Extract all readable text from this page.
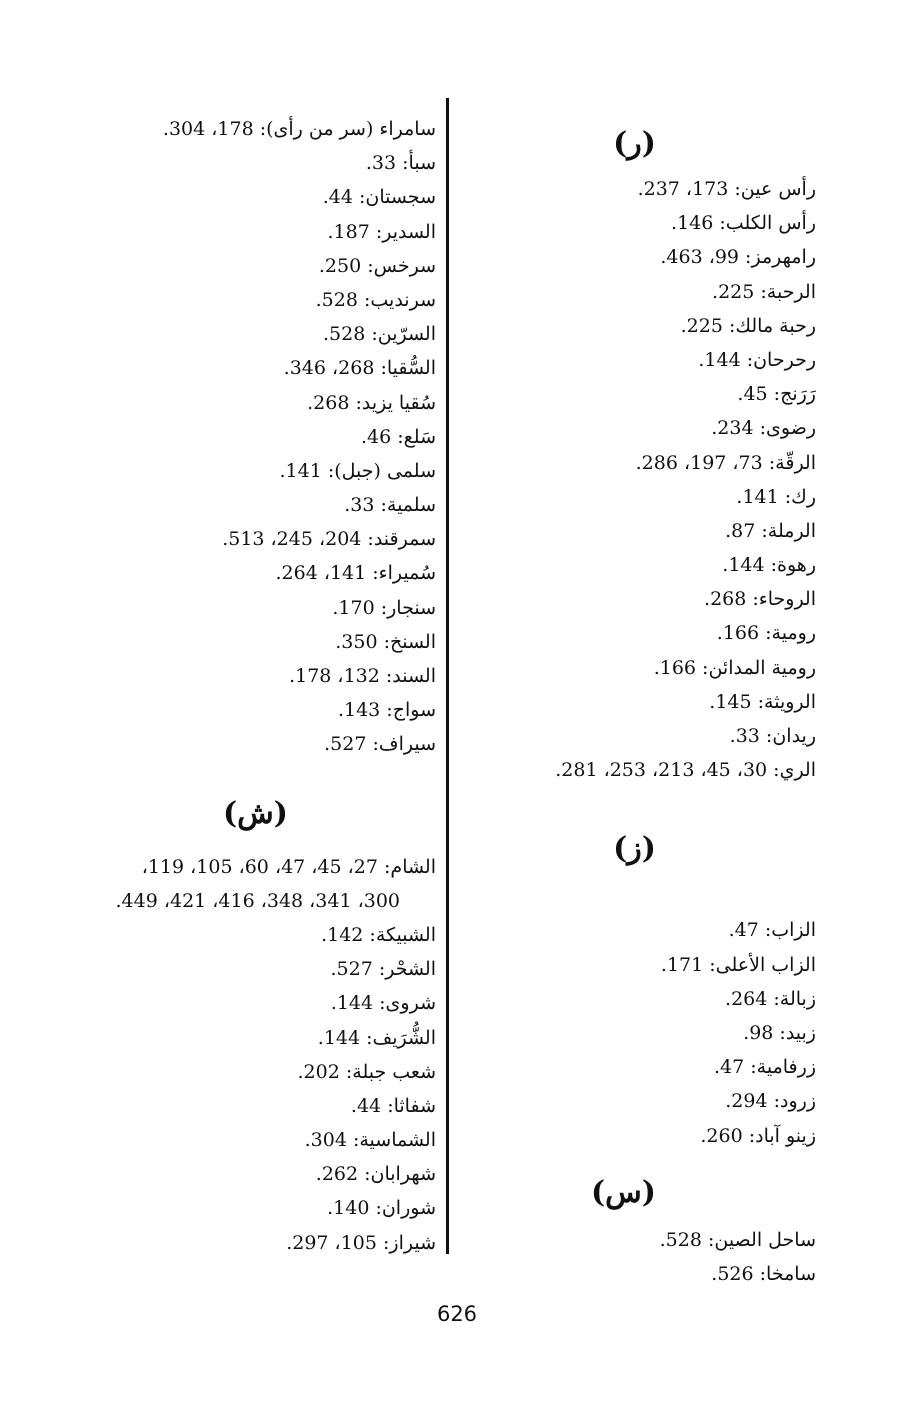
(ر)
رأس عين: 173، 237.
رأس الكلب: 146.
رامهرمز: 99، 463.
الرحبة: 225.
رحبة مالك: 225.
رحرحان: 144.
رَرَنج: 45.
رضوى: 234.
الرقّة: 73، 197، 286.
رك: 141.
الرملة: 87.
رهوة: 144.
الروحاء: 268.
رومية: 166.
رومية المدائن: 166.
الرويثة: 145.
ريدان: 33.
الري: 30، 45، 213، 253، 281.
(ز)
الزاب: 47.
الزاب الأعلى: 171.
زبالة: 264.
زبيد: 98.
زرفامية: 47.
زرود: 294.
زينو آباد: 260.
(س)
ساحل الصين: 528.
سامخا: 526.
سامراء (سر من رأى): 178، 304.
سبأ: 33.
سجستان: 44.
السدير: 187.
سرخس: 250.
سرنديب: 528.
السرّين: 528.
السُّقيا: 268، 346.
سُقيا يزيد: 268.
سَلع: 46.
سلمى (جبل): 141.
سلمية: 33.
سمرقند: 204، 245، 513.
سُميراء: 141، 264.
سنجار: 170.
السنخ: 350.
السند: 132، 178.
سواج: 143.
سيراف: 527.
(ش)
الشام: 27، 45، 47، 60، 105، 119،
300، 341، 348، 416، 421، 449.
الشبيكة: 142.
الشحْر: 527.
شروى: 144.
الشُّرَيف: 144.
شعب جبلة: 202.
شفاثا: 44.
الشماسية: 304.
شهرابان: 262.
شوران: 140.
شيراز: 105، 297.
626
